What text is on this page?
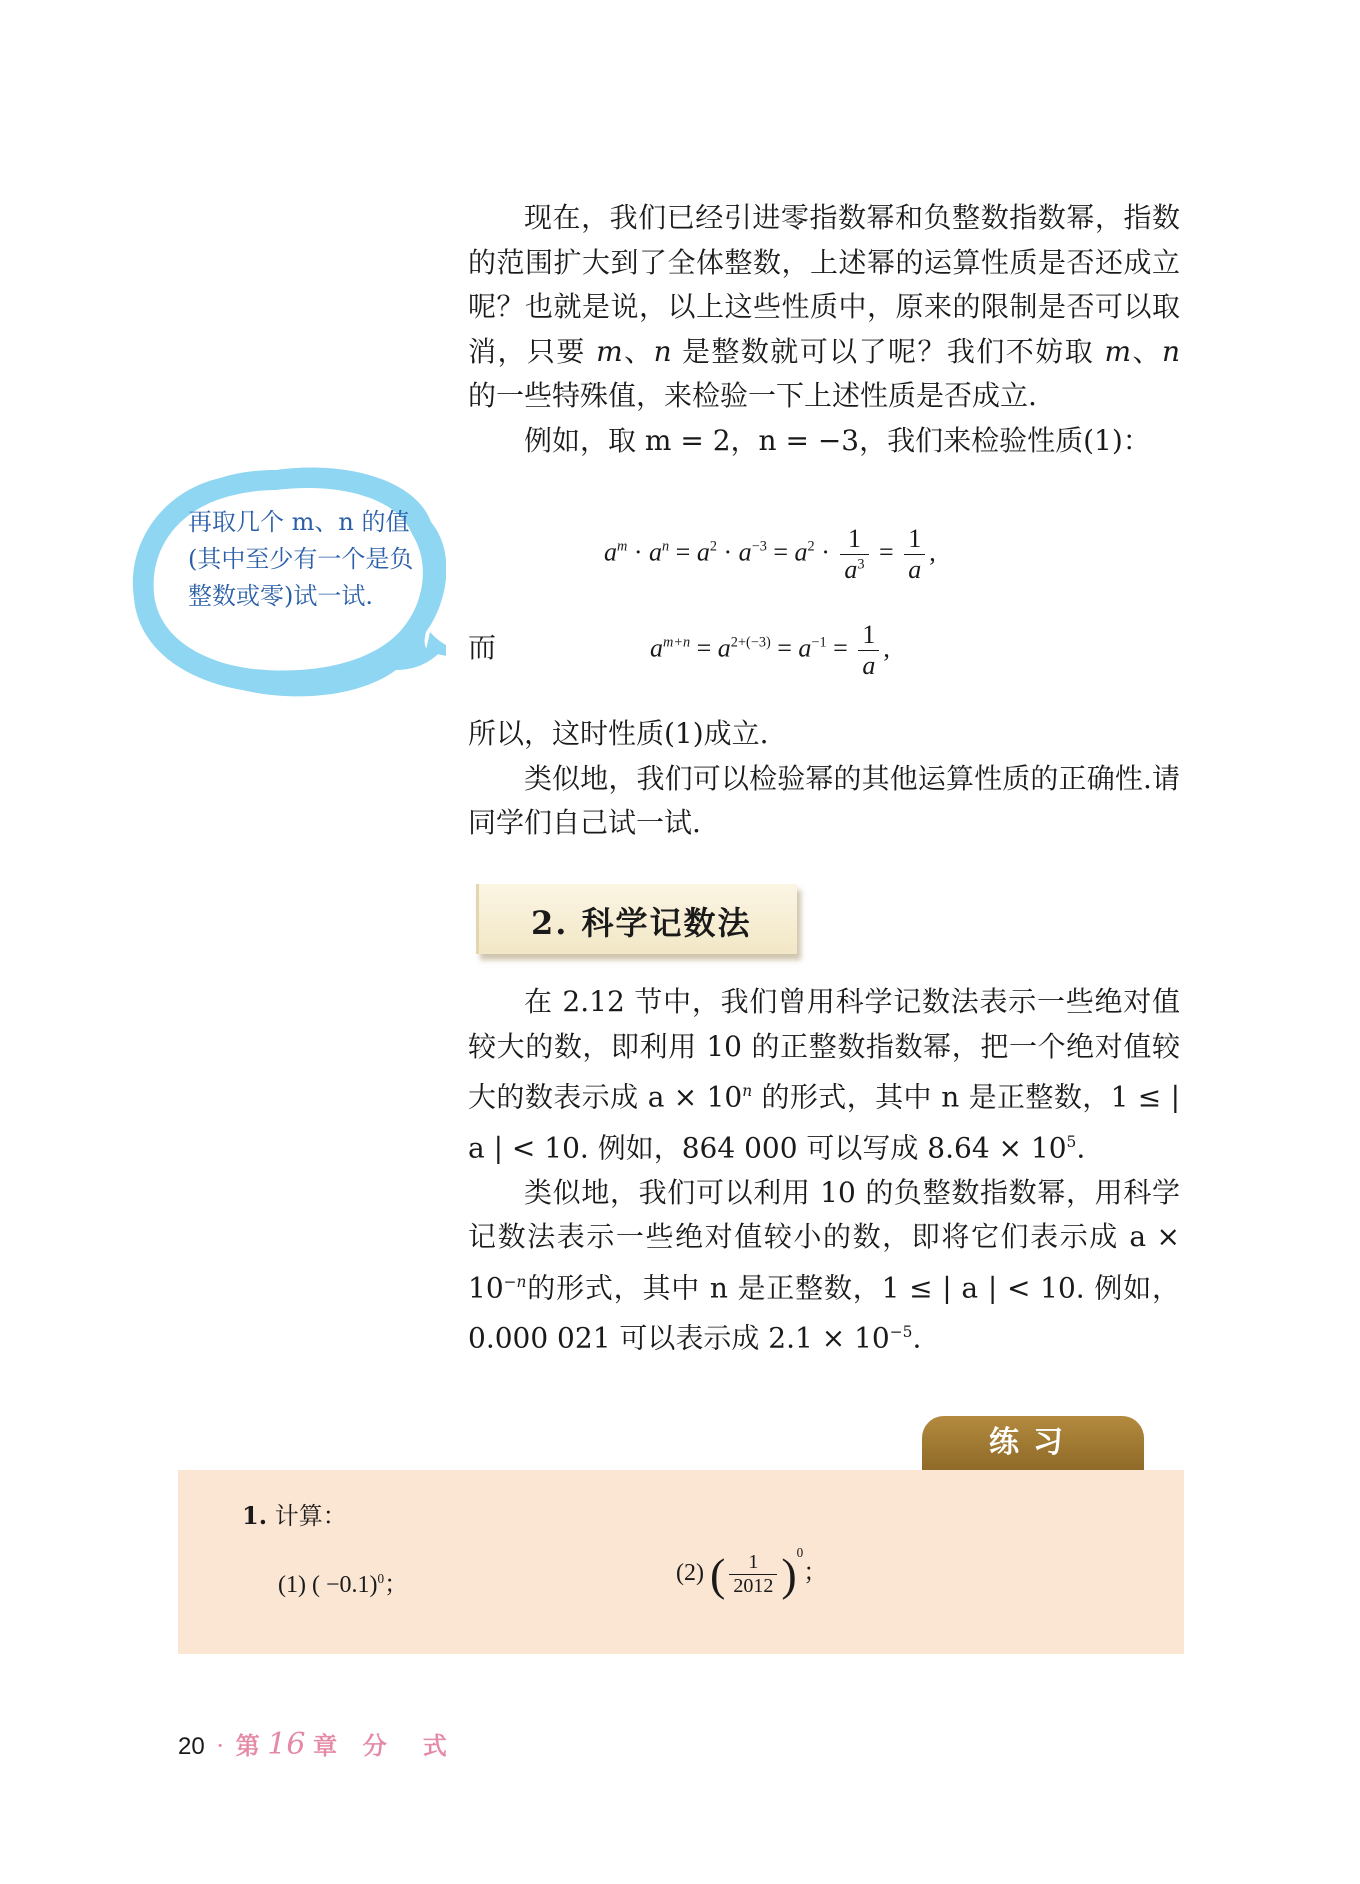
现在，我们已经引进零指数幂和负整数指数幂，指数的范围扩大到了全体整数，上述幂的运算性质是否还成立呢？也就是说，以上这些性质中，原来的限制是否可以取消，只要 m、n 是整数就可以了呢？我们不妨取 m、n 的一些特殊值，来检验一下上述性质是否成立.

例如，取 m = 2，n = −3，我们来检验性质(1)：

再取几个 m、n 的值(其中至少有一个是负整数或零)试一试.
$a^m \cdot a^n = a^2 \cdot a^{-3} = a^2 \cdot \frac{1}{a^3} = \frac{1}{a}$ ,
而	$a^{m+n} = a^{2+(-3)} = a^{-1} = \frac{1}{a}$ ,

所以，这时性质(1)成立.

类似地，我们可以检验幂的其他运算性质的正确性.请同学们自己试一试.

2. 科学记数法

在 2.12 节中，我们曾用科学记数法表示一些绝对值较大的数，即利用 10 的正整数指数幂，把一个绝对值较大的数表示成 $a \times 10^n$ 的形式，其中 n 是正整数，1 ≤ | a | < 10. 例如，864 000 可以写成 $8.64 \times 10^5$.

类似地，我们可以利用 10 的负整数指数幂，用科学记数法表示一些绝对值较小的数，即将它们表示成 $a \times 10^{-n}$的形式，其中 n 是正整数，1 ≤ | a | < 10. 例如，0.000 021 可以表示成 $2.1 \times 10^{-5}$.

练习
1. 计算：
(1) ( −0.1)$^0$；	(2) ( $\frac{1}{2012} )^0$；
20 · 第 16 章 分　式
